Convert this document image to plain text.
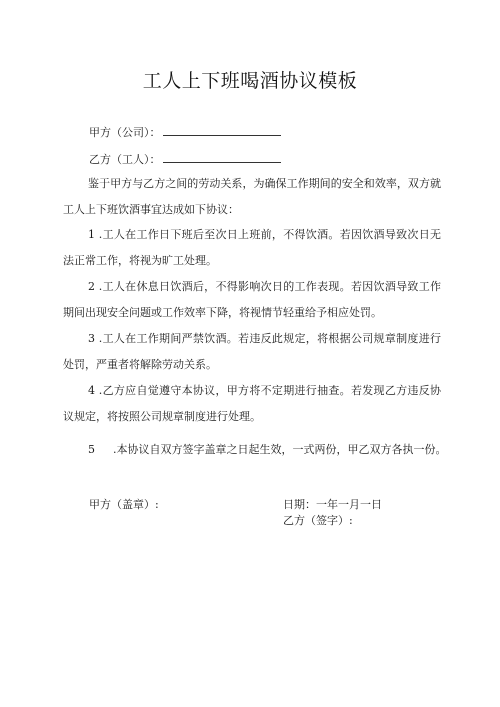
工人上下班喝酒协议模板
甲方（公司）：
乙方（工人）：
鉴于甲方与乙方之间的劳动关系，为确保工作期间的安全和效率，双方就工人上下班饮酒事宜达成如下协议：
1 .工人在工作日下班后至次日上班前，不得饮酒。若因饮酒导致次日无法正常工作，将视为旷工处理。
2 .工人在休息日饮酒后，不得影响次日的工作表现。若因饮酒导致工作期间出现安全问题或工作效率下降，将视情节轻重给予相应处罚。
3 .工人在工作期间严禁饮酒。若违反此规定，将根据公司规章制度进行处罚，严重者将解除劳动关系。
4 .乙方应自觉遵守本协议，甲方将不定期进行抽查。若发现乙方违反协议规定，将按照公司规章制度进行处理。
5 .本协议自双方签字盖章之日起生效，一式两份，甲乙双方各执一份。
甲方（盖章）:	日期：一年一月一日
乙方（签字）:
